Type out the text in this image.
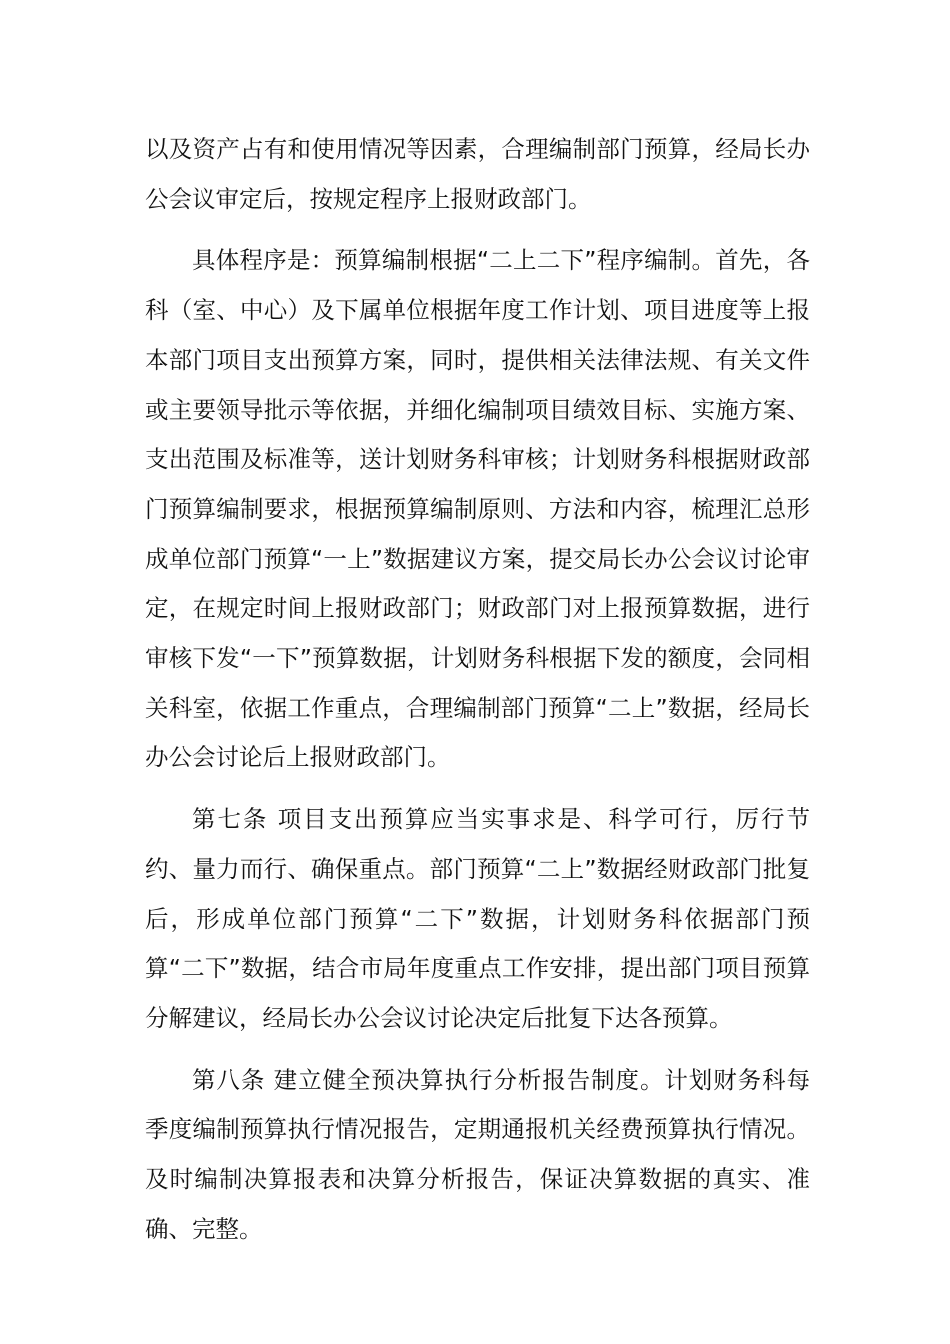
以及资产占有和使用情况等因素，合理编制部门预算，经局长办公会议审定后，按规定程序上报财政部门。

具体程序是：预算编制根据“二上二下”程序编制。首先，各科（室、中心）及下属单位根据年度工作计划、项目进度等上报本部门项目支出预算方案，同时，提供相关法律法规、有关文件或主要领导批示等依据，并细化编制项目绩效目标、实施方案、支出范围及标准等，送计划财务科审核；计划财务科根据财政部门预算编制要求，根据预算编制原则、方法和内容，梳理汇总形成单位部门预算“一上”数据建议方案，提交局长办公会议讨论审定，在规定时间上报财政部门；财政部门对上报预算数据，进行审核下发“一下”预算数据，计划财务科根据下发的额度，会同相关科室，依据工作重点，合理编制部门预算“二上”数据，经局长办公会讨论后上报财政部门。

第七条 项目支出预算应当实事求是、科学可行，厉行节约、量力而行、确保重点。部门预算“二上”数据经财政部门批复后，形成单位部门预算“二下”数据，计划财务科依据部门预算“二下”数据，结合市局年度重点工作安排，提出部门项目预算分解建议，经局长办公会议讨论决定后批复下达各预算。

第八条 建立健全预决算执行分析报告制度。计划财务科每季度编制预算执行情况报告，定期通报机关经费预算执行情况。及时编制决算报表和决算分析报告，保证决算数据的真实、准确、完整。
